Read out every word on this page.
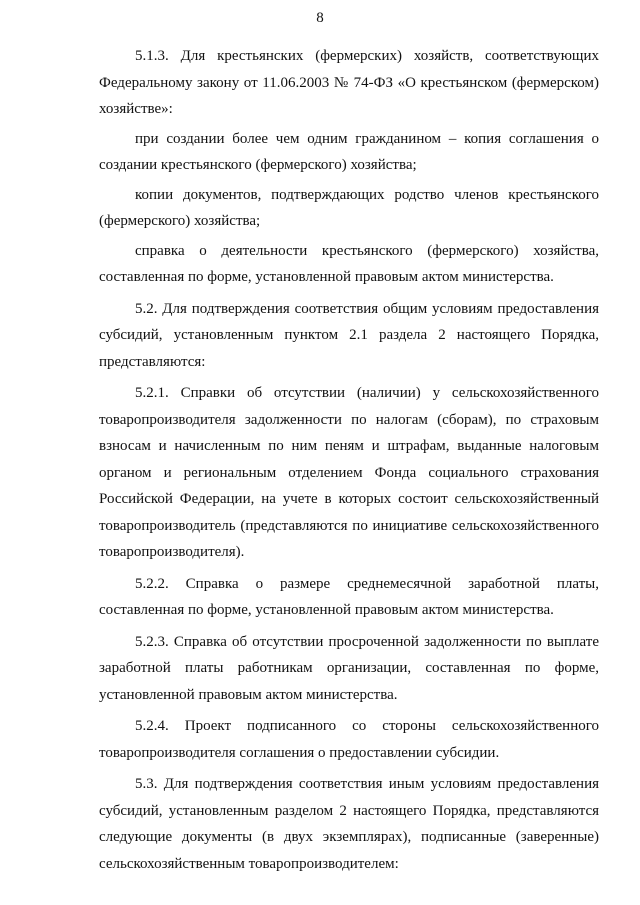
8

5.1.3. Для крестьянских (фермерских) хозяйств, соответствующих Федеральному закону от 11.06.2003 № 74-ФЗ «О крестьянском (фермерском) хозяйстве»:

при создании более чем одним гражданином – копия соглашения о создании крестьянского (фермерского) хозяйства;

копии документов, подтверждающих родство членов крестьянского (фермерского) хозяйства;

справка о деятельности крестьянского (фермерского) хозяйства, составленная по форме, установленной правовым актом министерства.

5.2. Для подтверждения соответствия общим условиям предоставления субсидий, установленным пунктом 2.1 раздела 2 настоящего Порядка, представляются:

5.2.1. Справки об отсутствии (наличии) у сельскохозяйственного товаропроизводителя задолженности по налогам (сборам), по страховым взносам и начисленным по ним пеням и штрафам, выданные налоговым органом и региональным отделением Фонда социального страхования Российской Федерации, на учете в которых состоит сельскохозяйственный товаропроизводитель (представляются по инициативе сельскохозяйственного товаропроизводителя).

5.2.2. Справка о размере среднемесячной заработной платы, составленная по форме, установленной правовым актом министерства.

5.2.3. Справка об отсутствии просроченной задолженности по выплате заработной платы работникам организации, составленная по форме, установленной правовым актом министерства.

5.2.4. Проект подписанного со стороны сельскохозяйственного товаропроизводителя соглашения о предоставлении субсидии.

5.3. Для подтверждения соответствия иным условиям предоставления субсидий, установленным разделом 2 настоящего Порядка, представляются следующие документы (в двух экземплярах), подписанные (заверенные) сельскохозяйственным товаропроизводителем:
